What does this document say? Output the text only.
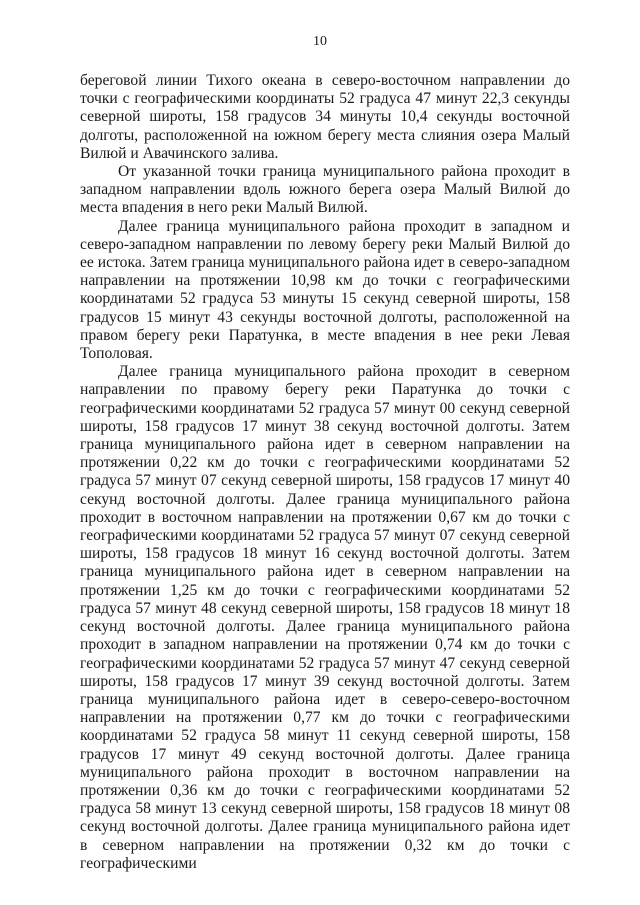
10

береговой линии Тихого океана в северо-восточном направлении до точки с географическими координаты 52 градуса 47 минут 22,3 секунды северной широты, 158 градусов 34 минуты 10,4 секунды восточной долготы, расположенной на южном берегу места слияния озера Малый Вилюй и Авачинского залива.

От указанной точки граница муниципального района проходит в западном направлении вдоль южного берега озера Малый Вилюй до места впадения в него реки Малый Вилюй.

Далее граница муниципального района проходит в западном и северо-западном направлении по левому берегу реки Малый Вилюй до ее истока. Затем граница муниципального района идет в северо-западном направлении на протяжении 10,98 км до точки с географическими координатами 52 градуса 53 минуты 15 секунд северной широты, 158 градусов 15 минут 43 секунды восточной долготы, расположенной на правом берегу реки Паратунка, в месте впадения в нее реки Левая Тополовая.

Далее граница муниципального района проходит в северном направлении по правому берегу реки Паратунка до точки с географическими координатами 52 градуса 57 минут 00 секунд северной широты, 158 градусов 17 минут 38 секунд восточной долготы. Затем граница муниципального района идет в северном направлении на протяжении 0,22 км до точки с географическими координатами 52 градуса 57 минут 07 секунд северной широты, 158 градусов 17 минут 40 секунд восточной долготы. Далее граница муниципального района проходит в восточном направлении на протяжении 0,67 км до точки с географическими координатами 52 градуса 57 минут 07 секунд северной широты, 158 градусов 18 минут 16 секунд восточной долготы. Затем граница муниципального района идет в северном направлении на протяжении 1,25 км до точки с географическими координатами 52 градуса 57 минут 48 секунд северной широты, 158 градусов 18 минут 18 секунд восточной долготы. Далее граница муниципального района проходит в западном направлении на протяжении 0,74 км до точки с географическими координатами 52 градуса 57 минут 47 секунд северной широты, 158 градусов 17 минут 39 секунд восточной долготы. Затем граница муниципального района идет в северо-северо-восточном направлении на протяжении 0,77 км до точки с географическими координатами 52 градуса 58 минут 11 секунд северной широты, 158 градусов 17 минут 49 секунд восточной долготы. Далее граница муниципального района проходит в восточном направлении на протяжении 0,36 км до точки с географическими координатами 52 градуса 58 минут 13 секунд северной широты, 158 градусов 18 минут 08 секунд восточной долготы. Далее граница муниципального района идет в северном направлении на протяжении 0,32 км до точки с географическими
